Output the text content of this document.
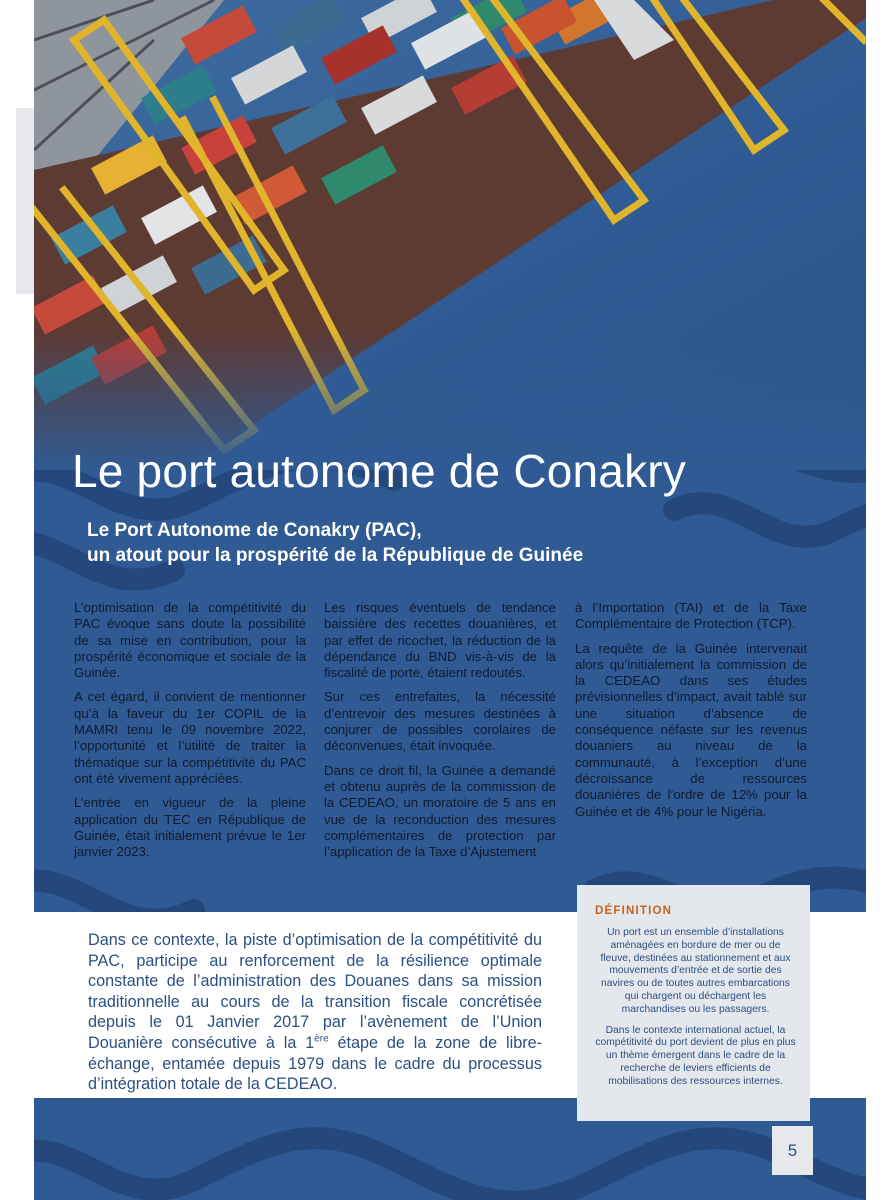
Le port autonome de Conakry
Le Port Autonome de Conakry (PAC),
un atout pour la prospérité de la République de Guinée

L’optimisation de la compétitivité du PAC évoque sans doute la possibilité de sa mise en contribution, pour la prospérité économique et sociale de la Guinée.

A cet égard, il convient de mentionner qu’à la faveur du 1er COPIL de la MAMRI tenu le 09 novembre 2022, l’opportunité et l’utilité de traiter la thématique sur la compétitivité du PAC ont été vivement appréciées.

L’entrée en vigueur de la pleine application du TEC en République de Guinée, était initialement prévue le 1er janvier 2023.

Les risques éventuels de tendance baissière des recettes douanières, et par effet de ricochet, la réduction de la dépendance du BND vis-à-vis de la fiscalité de porte, étaient redoutés.

Sur ces entrefaites, la nécessité d’entrevoir des mesures destinées à conjurer de possibles corolaires de déconvenues, était invoquée.

Dans ce droit fil, la Guinée a demandé et obtenu auprès de la commission de la CEDEAO, un moratoire de 5 ans en vue de la reconduction des mesures complémentaires de protection par l’application de la Taxe d’Ajustement

à l’Importation (TAI) et de la Taxe Complémentaire de Protection (TCP).

La requête de la Guinée intervenait alors qu’initialement la commission de la CEDEAO dans ses études prévisionnelles d’impact, avait tablé sur une situation d’absence de conséquence néfaste sur les revenus douaniers au niveau de la communauté, à l’exception d’une décroissance de ressources douanières de l’ordre de 12% pour la Guinée et de 4% pour le Nigéria.

Dans ce contexte, la piste d’optimisation de la compétitivité du PAC, participe au renforcement de la résilience optimale constante de l’administration des Douanes dans sa mission traditionnelle au cours de la transition fiscale concrétisée depuis le 01 Janvier 2017 par l’avènement de l’Union Douanière consécutive à la 1ère étape de la zone de libre-échange, entamée depuis 1979 dans le cadre du processus d’intégration totale de la CEDEAO.

DÉFINITION

Un port est un ensemble d’installations aménagées en bordure de mer ou de fleuve, destinées au stationnement et aux mouvements d’entrée et de sortie des navires ou de toutes autres embarcations qui chargent ou déchargent les marchandises ou les passagers.

Dans le contexte international actuel, la compétitivité du port devient de plus en plus un thème émergent dans le cadre de la recherche de leviers efficients de mobilisations des ressources internes.

5
